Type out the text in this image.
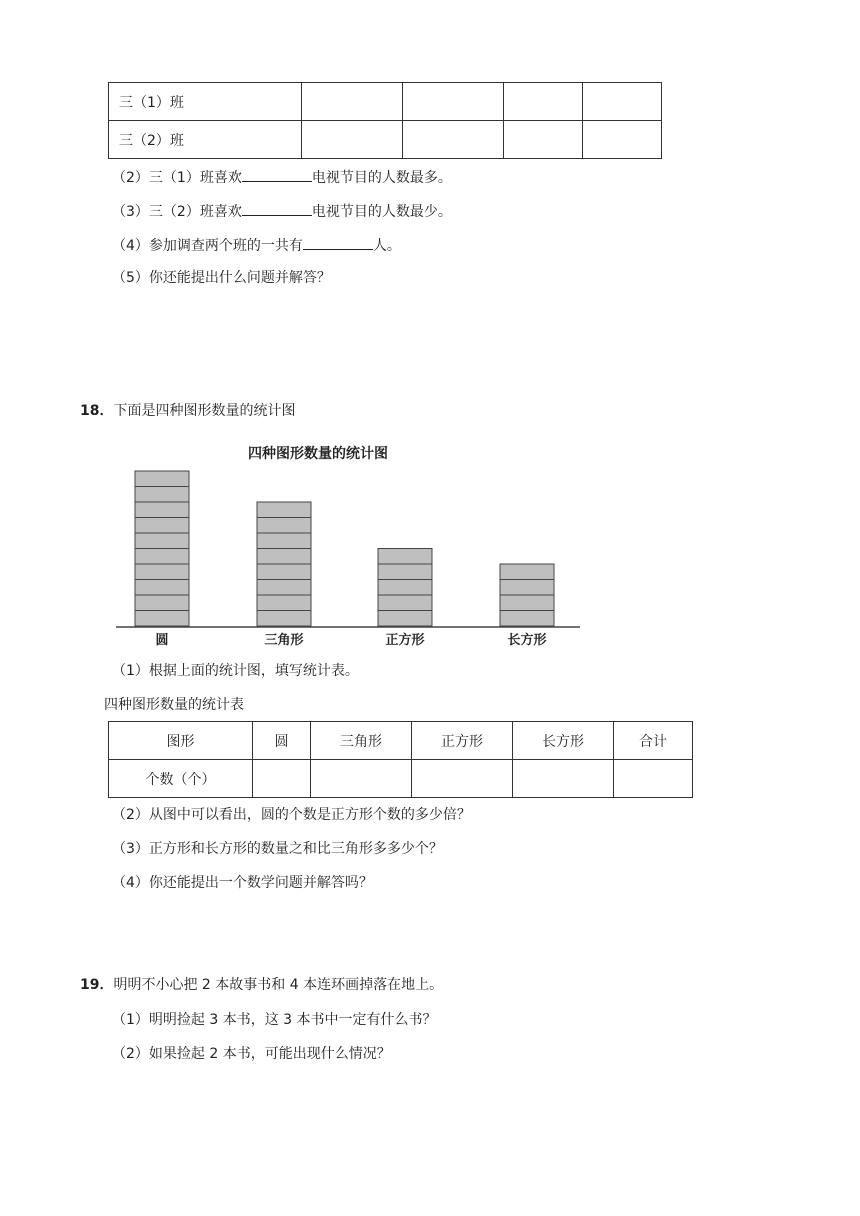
三（1）班				
三（2）班				
（2）三（1）班喜欢	电视节目的人数最多。
（3）三（2）班喜欢	电视节目的人数最少。
（4）参加调查两个班的一共有	人。
（5）你还能提出什么问题并解答？
18．下面是四种图形数量的统计图
四种图形数量的统计图
圆	三角形	正方形	长方形
（1）根据上面的统计图，填写统计表。
四种图形数量的统计表
图形	圆	三角形	正方形	长方形	合计
个数（个）					
（2）从图中可以看出，圆的个数是正方形个数的多少倍？
（3）正方形和长方形的数量之和比三角形多多少个？
（4）你还能提出一个数学问题并解答吗？
19．明明不小心把 2 本故事书和 4 本连环画掉落在地上。
（1）明明捡起 3 本书，这 3 本书中一定有什么书？
（2）如果捡起 2 本书，可能出现什么情况？
